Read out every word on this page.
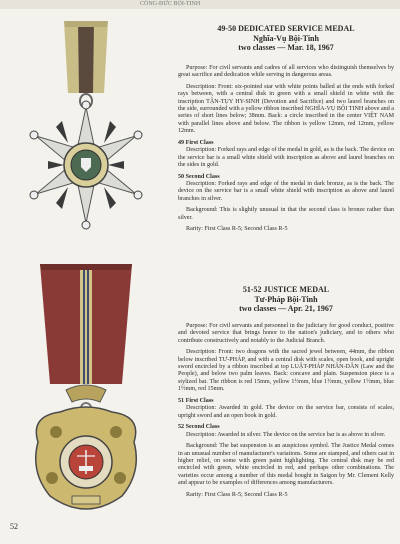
CÔNG-ĐỨC BỘI-TINH
49-50 DEDICATED SERVICE MEDAL
Nghĩa-Vụ Bội-Tinh
two classes — Mar. 18, 1967

Purpose: For civil servants and cadres of all services who distinguish themselves by great sacrifice and dedication while serving in dangerous areas.

Description: Front: six-pointed star with white points balled at the ends with forked rays between, with a central disk in green with a small shield in white with the inscription TẬN-TỤY HY-SINH (Devotion and Sacrifice) and two laurel branches on the side, surrounded with a yellow ribbon inscribed NGHĨA-VỤ BỘI TINH above and a series of short lines below; 38mm. Back: a circle inscribed in the center VIỆT NAM with parallel lines above and below. The ribbon is yellow 12mm, red 12mm, yellow 12mm.

49 First Class

Description: Forked rays and edge of the medal in gold, as is the back. The device on the service bar is a small white shield with inscription as above and laurel branches on the sides in gold.

50 Second Class

Description: Forked rays and edge of the medal in dark bronze, as is the back. The device on the service bar is a small white shield with inscription as above and laurel branches in silver.

Background: This is slightly unusual in that the second class is bronze rather than silver.

Rarity: First Class R-5; Second Class R-5

51-52 JUSTICE MEDAL
Tư-Pháp Bội-Tinh
two classes — Apr. 21, 1967

Purpose: For civil servants and personnel in the judiciary for good conduct, positive and devoted service that brings honor to the nation's judiciary, and to others who contribute constructively and notably to the Judicial Branch.

Description: Front: two dragons with the sacred jewel between, 44mm, the ribbon below inscribed TƯ-PHÁP, and with a central disk with scales, open book, and upright sword encircled by a ribbon inscribed at top LUẬT-PHÁP NHÂN-DÂN (Law and the People), and below two palm leaves. Back: concave and plain. Suspension piece is a stylized bat. The ribbon is red 15mm, yellow 1½mm, blue 1½mm, yellow 1½mm, blue 1½mm, red 15mm.

51 First Class

Description: Awarded in gold. The device on the service bar, consists of scales, upright sword and an open book in gold.

52 Second Class

Description: Awarded in silver. The device on the service bar is as above in silver.

Background: The bat suspension is an auspicious symbol. The Justice Medal comes in an unusual number of manufacturer's variations. Some are stamped, and others cast in higher relief, on some with green paint highlighting. The central disk may be red encircled with green, white encircled in red, and perhaps other combinations. The varieties occur among a number of this medal bought in Saigon by Mr. Clement Kelly and appear to be examples of differences among manufacturers.

Rarity: First Class R-5; Second Class R-5

52
